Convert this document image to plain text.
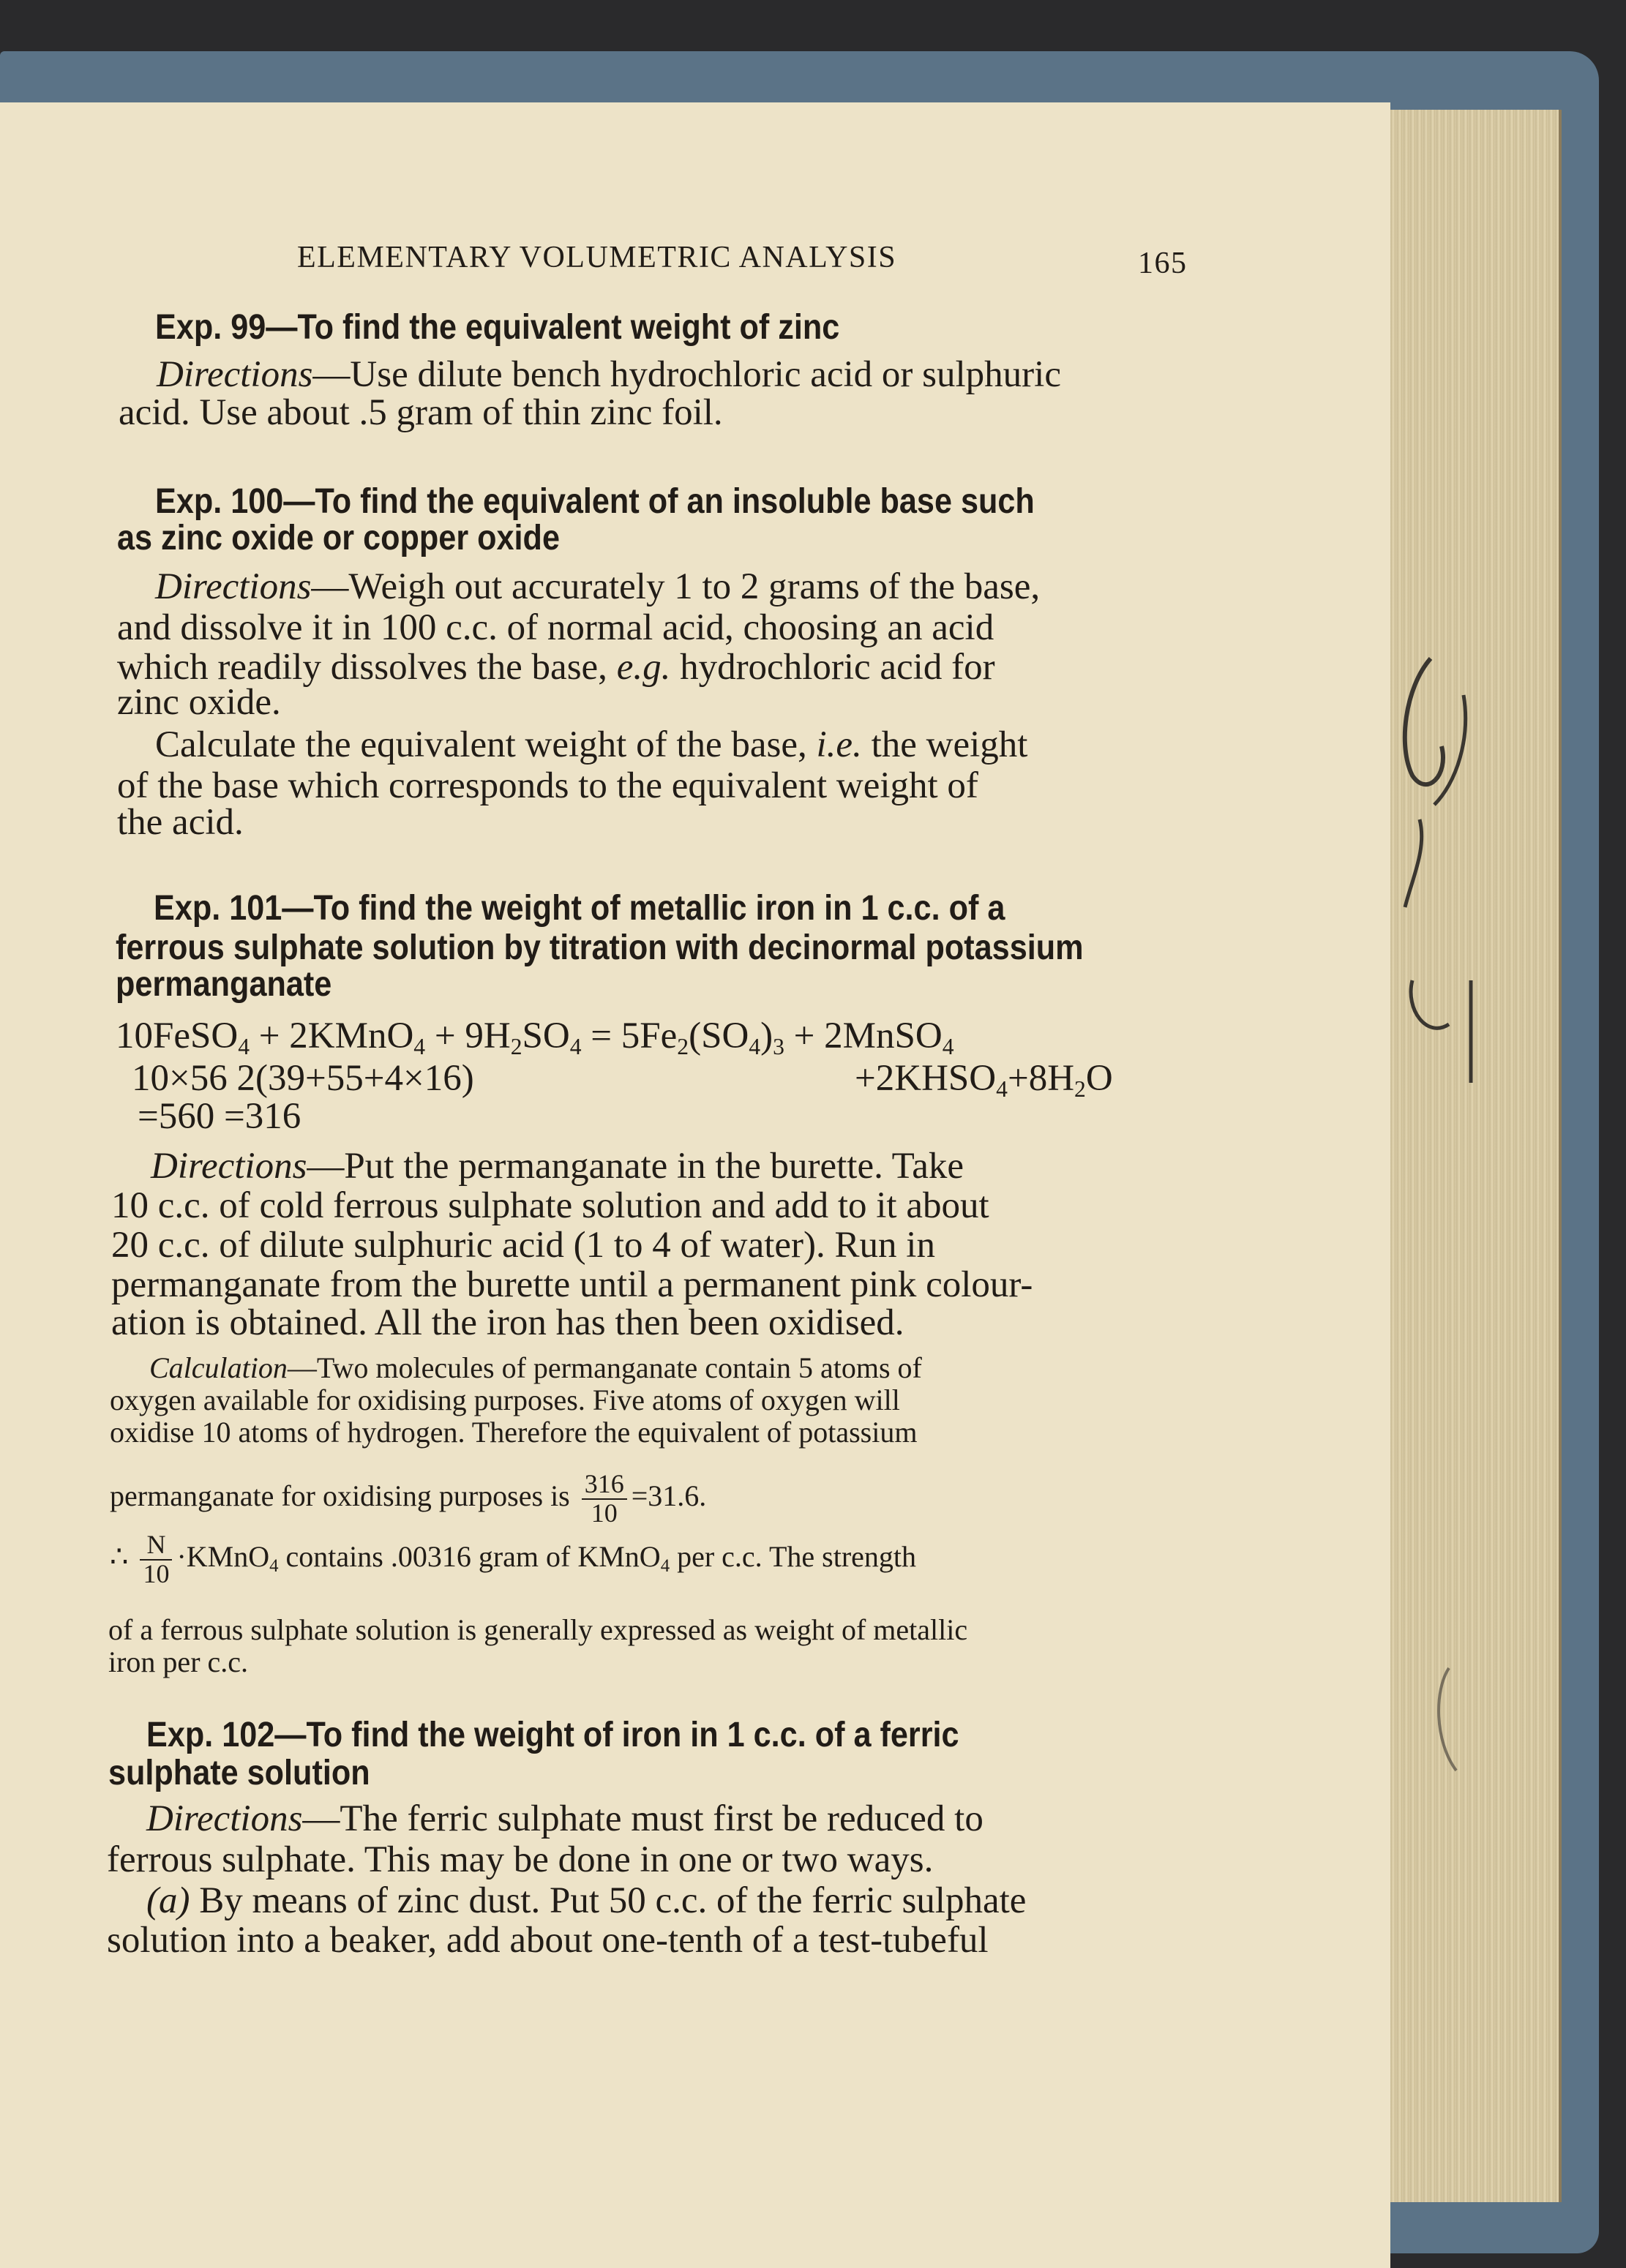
ELEMENTARY VOLUMETRIC ANALYSIS	165
Exp. 99—To find the equivalent weight of zinc
Directions—Use dilute bench hydrochloric acid or sulphuric
acid. Use about .5 gram of thin zinc foil.
Exp. 100—To find the equivalent of an insoluble base such
as zinc oxide or copper oxide
Directions—Weigh out accurately 1 to 2 grams of the base,
and dissolve it in 100 c.c. of normal acid, choosing an acid
which readily dissolves the base, e.g. hydrochloric acid for
zinc oxide.
Calculate the equivalent weight of the base, i.e. the weight
of the base which corresponds to the equivalent weight of
the acid.
Exp. 101—To find the weight of metallic iron in 1 c.c. of a
ferrous sulphate solution by titration with decinormal potassium
permanganate
10FeSO$_4$ + 2KMnO$_4$ + $9H_2SO_4 = 5Fe_2(SO_4)_3$ + 2MnSO$_4$
10×56 2(39+55+4×16)	$+2KHSO_4+8H_2O$
=560 =316
Directions—Put the permanganate in the burette. Take
10 c.c. of cold ferrous sulphate solution and add to it about
20 c.c. of dilute sulphuric acid (1 to 4 of water). Run in
permanganate from the burette until a permanent pink colour-
ation is obtained. All the iron has then been oxidised.
Calculation—Two molecules of permanganate contain 5 atoms of
oxygen available for oxidising purposes. Five atoms of oxygen will
oxidise 10 atoms of hydrogen. Therefore the equivalent of potassium
permanganate for oxidising purposes is $\frac{316}{10} =31.6$.
∴ $\frac{N}{10}$ ·KMnO$_4$ contains .00316 gram of KMnO$_4$ per c.c. The strength
of a ferrous sulphate solution is generally expressed as weight of metallic
iron per c.c.
Exp. 102—To find the weight of iron in 1 c.c. of a ferric
sulphate solution
Directions—The ferric sulphate must first be reduced to
ferrous sulphate. This may be done in one or two ways.
(a) By means of zinc dust. Put 50 c.c. of the ferric sulphate
solution into a beaker, add about one-tenth of a test-tubeful
